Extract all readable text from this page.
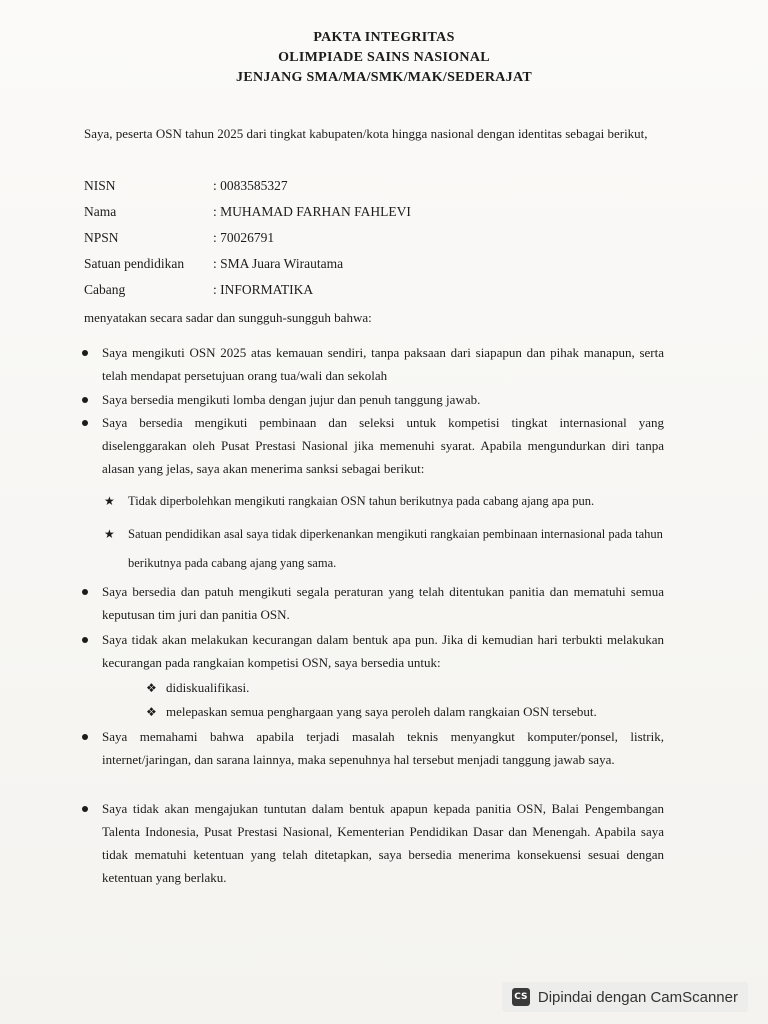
PAKTA INTEGRITAS
OLIMPIADE SAINS NASIONAL
JENJANG SMA/MA/SMK/MAK/SEDERAJAT
Saya, peserta OSN tahun 2025 dari tingkat kabupaten/kota hingga nasional dengan identitas sebagai berikut,
NISN	: 0083585327
Nama	: MUHAMAD FARHAN FAHLEVI
NPSN	: 70026791
Satuan pendidikan : SMA Juara Wirautama
Cabang	: INFORMATIKA
menyatakan secara sadar dan sungguh-sungguh bahwa:
Saya mengikuti OSN 2025 atas kemauan sendiri, tanpa paksaan dari siapapun dan pihak manapun, serta telah mendapat persetujuan orang tua/wali dan sekolah
Saya bersedia mengikuti lomba dengan jujur dan penuh tanggung jawab.
Saya bersedia mengikuti pembinaan dan seleksi untuk kompetisi tingkat internasional yang diselenggarakan oleh Pusat Prestasi Nasional jika memenuhi syarat. Apabila mengundurkan diri tanpa alasan yang jelas, saya akan menerima sanksi sebagai berikut:
★ Tidak diperbolehkan mengikuti rangkaian OSN tahun berikutnya pada cabang ajang apa pun.
★ Satuan pendidikan asal saya tidak diperkenankan mengikuti rangkaian pembinaan internasional pada tahun berikutnya pada cabang ajang yang sama.
Saya bersedia dan patuh mengikuti segala peraturan yang telah ditentukan panitia dan mematuhi semua keputusan tim juri dan panitia OSN.
Saya tidak akan melakukan kecurangan dalam bentuk apa pun. Jika di kemudian hari terbukti melakukan kecurangan pada rangkaian kompetisi OSN, saya bersedia untuk:
❖ didiskualifikasi.
❖ melepaskan semua penghargaan yang saya peroleh dalam rangkaian OSN tersebut.
Saya memahami bahwa apabila terjadi masalah teknis menyangkut komputer/ponsel, listrik, internet/jaringan, dan sarana lainnya, maka sepenuhnya hal tersebut menjadi tanggung jawab saya.
Saya tidak akan mengajukan tuntutan dalam bentuk apapun kepada panitia OSN, Balai Pengembangan Talenta Indonesia, Pusat Prestasi Nasional, Kementerian Pendidikan Dasar dan Menengah. Apabila saya tidak mematuhi ketentuan yang telah ditetapkan, saya bersedia menerima konsekuensi sesuai dengan ketentuan yang berlaku.
CS Dipindai dengan CamScanner
